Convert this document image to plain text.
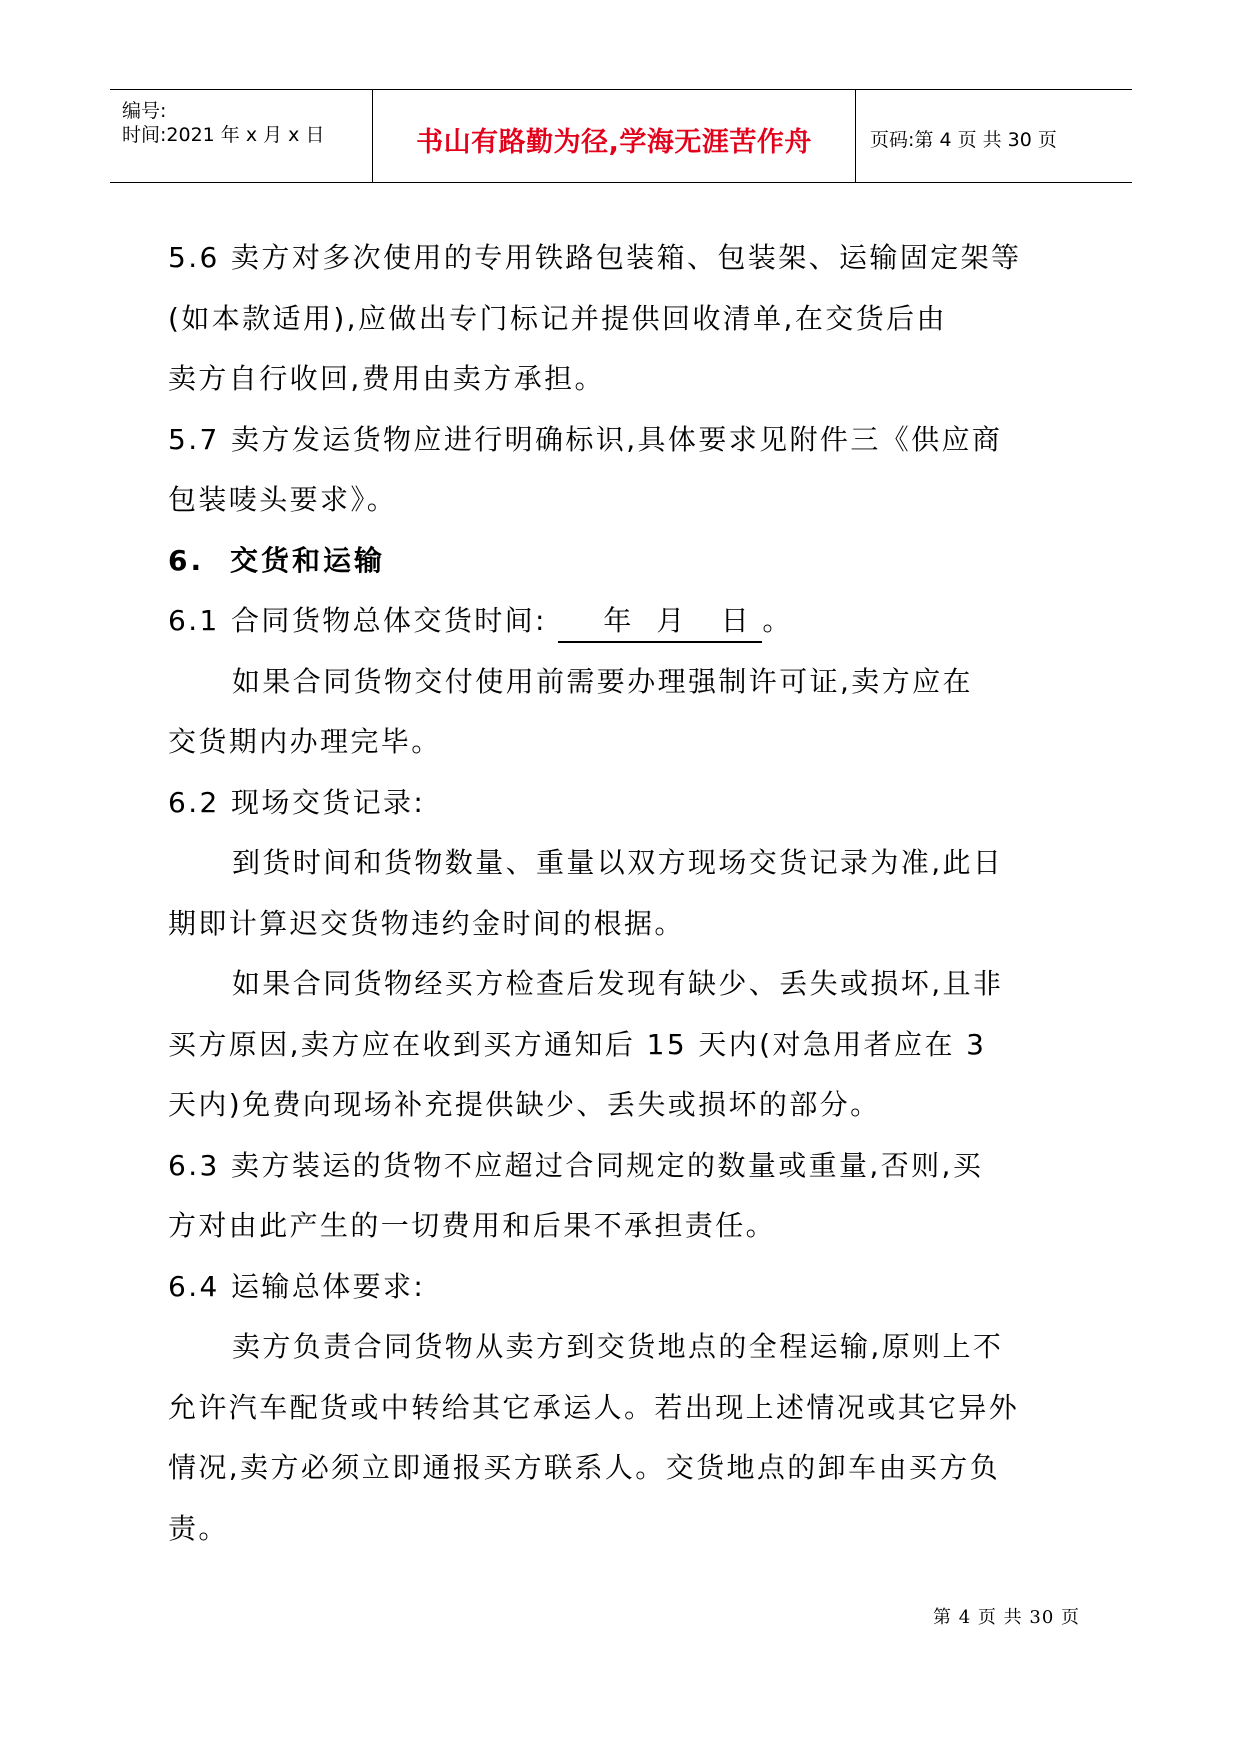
编号:
时间:2021 年 x 月 x 日	书山有路勤为径,学海无涯苦作舟	页码:第 4 页 共 30 页
5.6 卖方对多次使用的专用铁路包装箱、包装架、运输固定架等
(如本款适用),应做出专门标记并提供回收清单,在交货后由
卖方自行收回,费用由卖方承担。
5.7 卖方发运货物应进行明确标识,具体要求见附件三《供应商
包装唛头要求》。
6. 交货和运输
6.1 合同货物总体交货时间: 年  月   日 。
如果合同货物交付使用前需要办理强制许可证,卖方应在
交货期内办理完毕。
6.2 现场交货记录:
到货时间和货物数量、重量以双方现场交货记录为准,此日
期即计算迟交货物违约金时间的根据。
如果合同货物经买方检查后发现有缺少、丢失或损坏,且非
买方原因,卖方应在收到买方通知后 15 天内(对急用者应在 3
天内)免费向现场补充提供缺少、丢失或损坏的部分。
6.3 卖方装运的货物不应超过合同规定的数量或重量,否则,买
方对由此产生的一切费用和后果不承担责任。
6.4 运输总体要求:
卖方负责合同货物从卖方到交货地点的全程运输,原则上不
允许汽车配货或中转给其它承运人。若出现上述情况或其它异外
情况,卖方必须立即通报买方联系人。交货地点的卸车由买方负
责。
第 4 页 共 30 页
